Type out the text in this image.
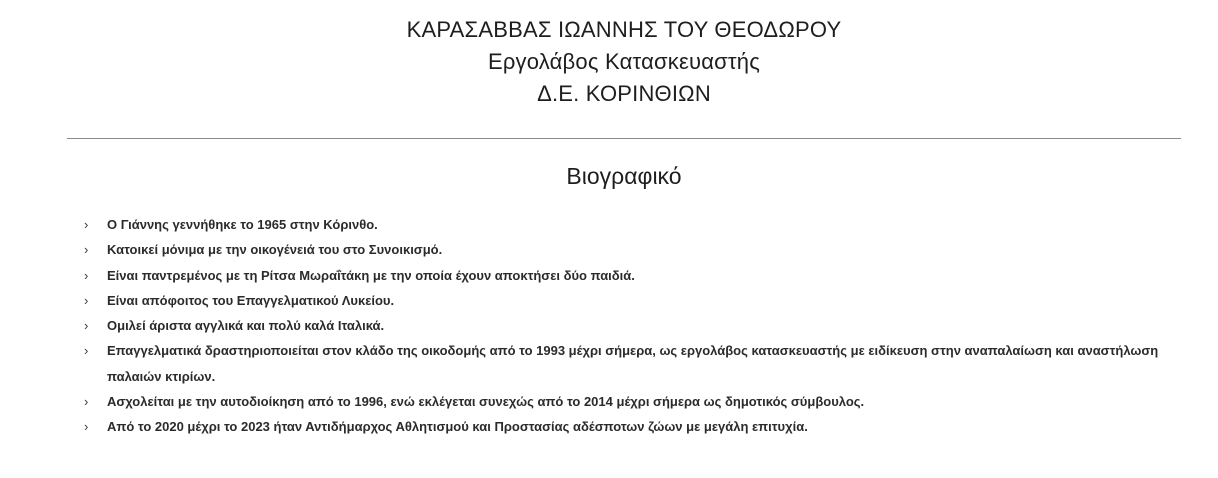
ΚΑΡΑΣΑΒΒΑΣ ΙΩΑΝΝΗΣ ΤΟΥ ΘΕΟΔΩΡΟΥ
Εργολάβος Κατασκευαστής
Δ.Ε. ΚΟΡΙΝΘΙΩΝ
Βιογραφικό
›	Ο Γιάννης γεννήθηκε το 1965 στην Κόρινθο.
›	Κατοικεί μόνιμα με την οικογένειά του στο Συνοικισμό.
›	Είναι παντρεμένος με τη Ρίτσα Μωραΐτάκη με την οποία έχουν αποκτήσει δύο παιδιά.
›	Είναι απόφοιτος του Επαγγελματικού Λυκείου.
›	Ομιλεί άριστα αγγλικά και πολύ καλά Ιταλικά.
›	Επαγγελματικά δραστηριοποιείται στον κλάδο της οικοδομής από το 1993 μέχρι σήμερα, ως εργολάβος κατασκευαστής με ειδίκευση στην αναπαλαίωση και αναστήλωση παλαιών κτιρίων.
›	Ασχολείται με την αυτοδιοίκηση από το 1996, ενώ εκλέγεται συνεχώς από το 2014 μέχρι σήμερα ως δημοτικός σύμβουλος.
›	Από το 2020 μέχρι το 2023 ήταν Αντιδήμαρχος Αθλητισμού και Προστασίας αδέσποτων ζώων με μεγάλη επιτυχία.
